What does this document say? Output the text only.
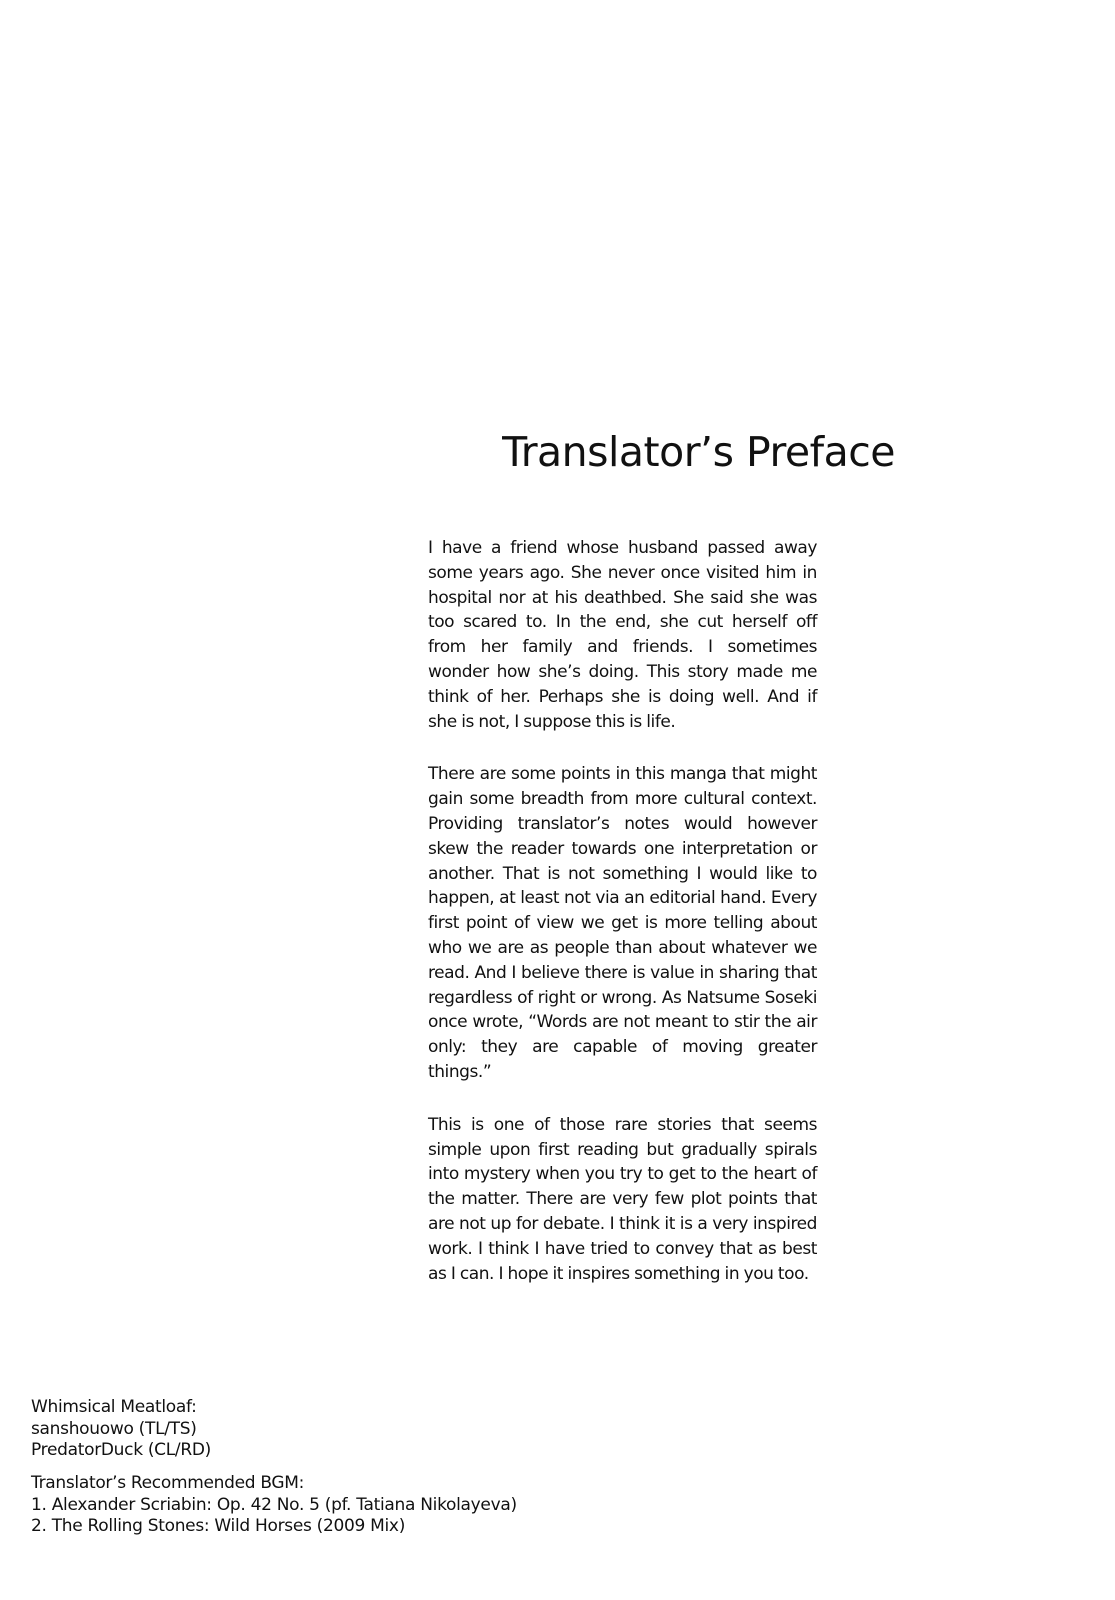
Translator’s Preface

I have a friend whose husband passed away some years ago. She never once visited him in hospital nor at his deathbed. She said she was too scared to. In the end, she cut herself off from her family and friends. I sometimes wonder how she’s doing. This story made me think of her. Perhaps she is doing well. And if she is not, I suppose this is life.

There are some points in this manga that might gain some breadth from more cultural context. Providing translator’s notes would however skew the reader towards one interpretation or another. That is not something I would like to happen, at least not via an editorial hand. Every first point of view we get is more telling about who we are as people than about whatever we read. And I believe there is value in sharing that regardless of right or wrong. As Natsume Soseki once wrote, “Words are not meant to stir the air only: they are capable of moving greater things.”

This is one of those rare stories that seems simple upon first reading but gradually spirals into mystery when you try to get to the heart of the matter. There are very few plot points that are not up for debate. I think it is a very inspired work. I think I have tried to convey that as best as I can. I hope it inspires something in you too.

Whimsical Meatloaf:
sanshouowo (TL/TS)
PredatorDuck (CL/RD)
Translator’s Recommended BGM:
1. Alexander Scriabin: Op. 42 No. 5 (pf. Tatiana Nikolayeva)
2. The Rolling Stones: Wild Horses (2009 Mix)
